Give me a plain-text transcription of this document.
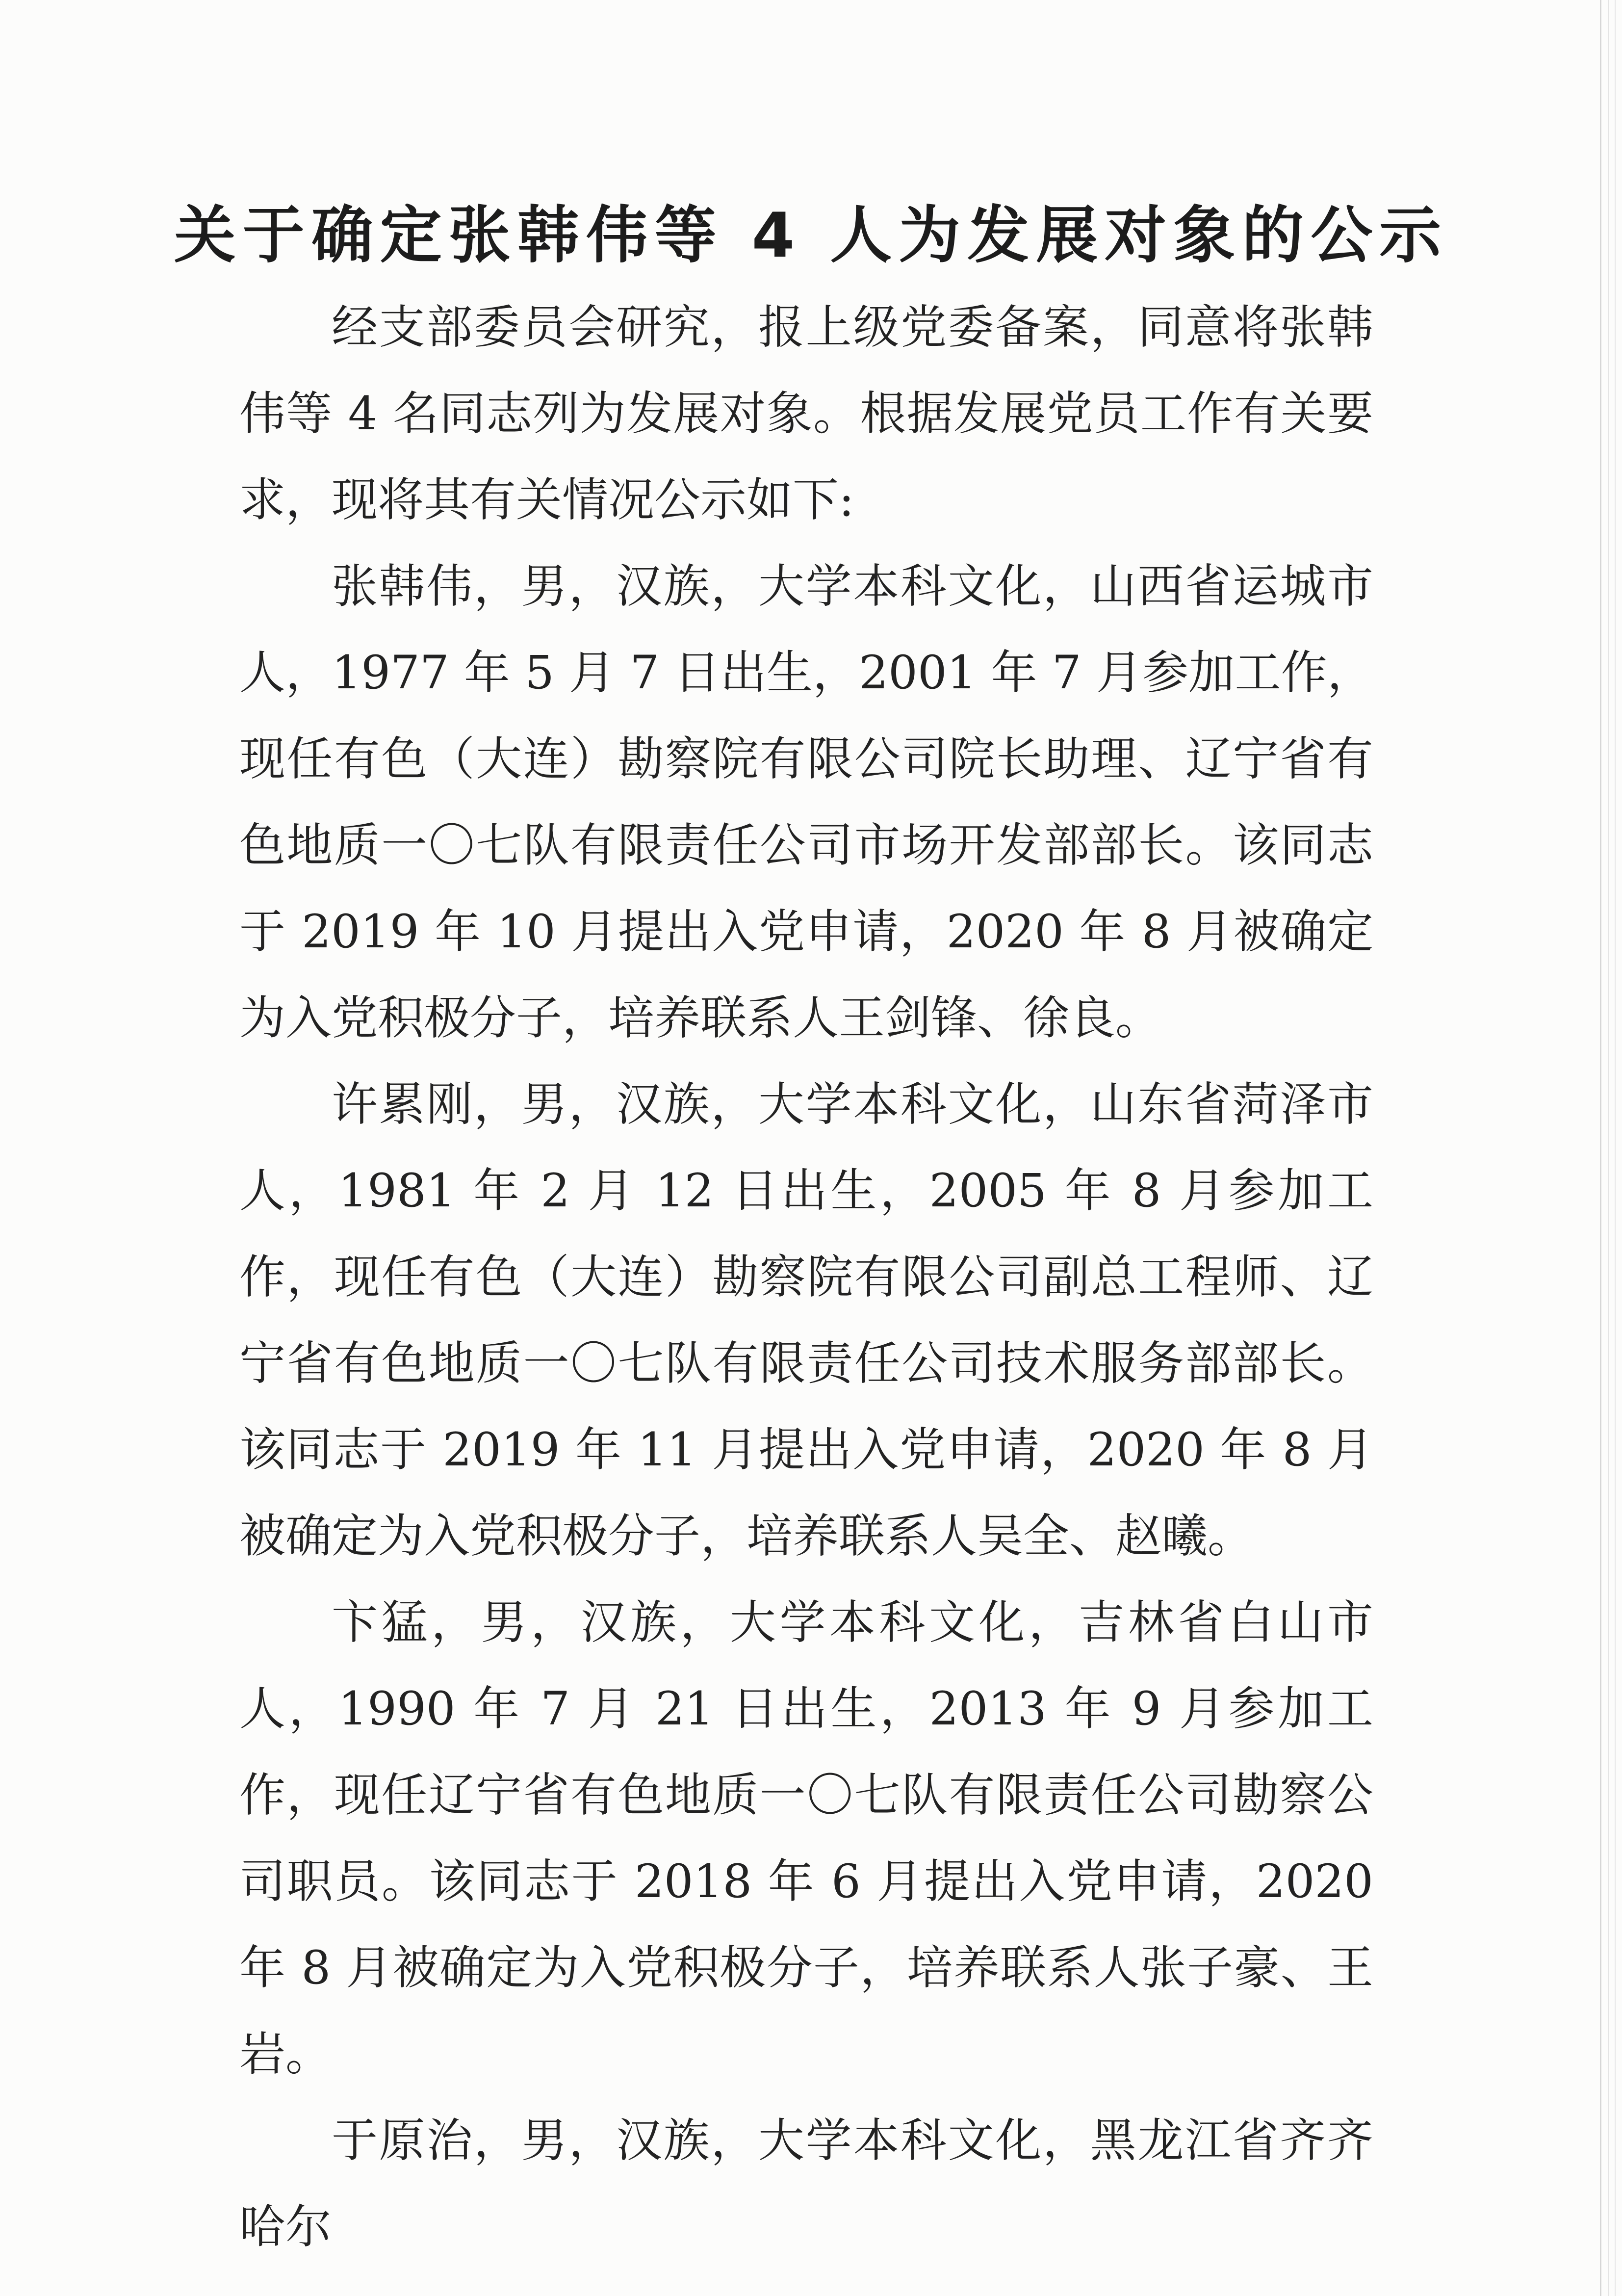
关于确定张韩伟等 4 人为发展对象的公示

经支部委员会研究，报上级党委备案，同意将张韩伟等 4 名同志列为发展对象。根据发展党员工作有关要求，现将其有关情况公示如下:

张韩伟，男，汉族，大学本科文化，山西省运城市人，1977 年 5 月 7 日出生，2001 年 7 月参加工作，现任有色（大连）勘察院有限公司院长助理、辽宁省有色地质一〇七队有限责任公司市场开发部部长。该同志于 2019 年 10 月提出入党申请，2020 年 8 月被确定为入党积极分子，培养联系人王剑锋、徐良。

许累刚，男，汉族，大学本科文化，山东省菏泽市人，1981 年 2 月 12 日出生，2005 年 8 月参加工作，现任有色（大连）勘察院有限公司副总工程师、辽宁省有色地质一〇七队有限责任公司技术服务部部长。该同志于 2019 年 11 月提出入党申请，2020 年 8 月被确定为入党积极分子，培养联系人吴全、赵曦。

卞猛，男，汉族，大学本科文化，吉林省白山市人，1990 年 7 月 21 日出生，2013 年 9 月参加工作，现任辽宁省有色地质一〇七队有限责任公司勘察公司职员。该同志于 2018 年 6 月提出入党申请，2020 年 8 月被确定为入党积极分子，培养联系人张子豪、王岩。

于原治，男，汉族，大学本科文化，黑龙江省齐齐哈尔
